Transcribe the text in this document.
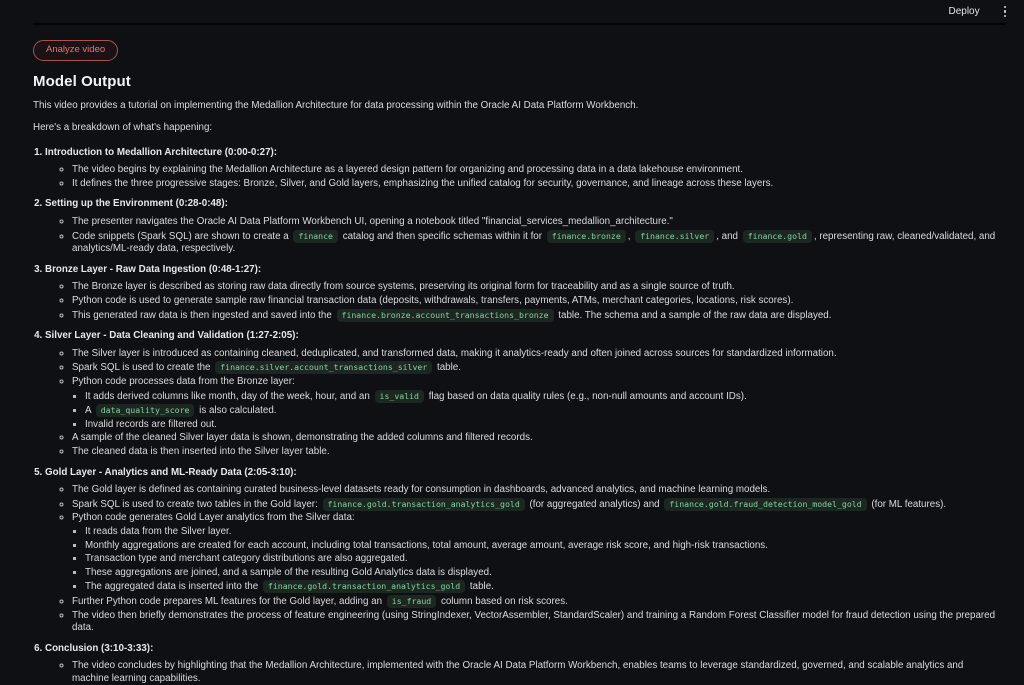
Deploy
Analyze video
Model Output

This video provides a tutorial on implementing the Medallion Architecture for data processing within the Oracle AI Data Platform Workbench.

Here's a breakdown of what's happening:

1. Introduction to Medallion Architecture (0:00-0:27):
◦ The video begins by explaining the Medallion Architecture as a layered design pattern for organizing and processing data in a data lakehouse environment.
◦ It defines the three progressive stages: Bronze, Silver, and Gold layers, emphasizing the unified catalog for security, governance, and lineage across these layers.
2. Setting up the Environment (0:28-0:48):
◦ The presenter navigates the Oracle AI Data Platform Workbench UI, opening a notebook titled "financial_services_medallion_architecture."
◦ Code snippets (Spark SQL) are shown to create a finance catalog and then specific schemas within it for finance.bronze , finance.silver , and finance.gold , representing raw, cleaned/validated, and analytics/ML-ready data, respectively.
3. Bronze Layer - Raw Data Ingestion (0:48-1:27):
◦ The Bronze layer is described as storing raw data directly from source systems, preserving its original form for traceability and as a single source of truth.
◦ Python code is used to generate sample raw financial transaction data (deposits, withdrawals, transfers, payments, ATMs, merchant categories, locations, risk scores).
◦ This generated raw data is then ingested and saved into the finance.bronze.account_transactions_bronze table. The schema and a sample of the raw data are displayed.
4. Silver Layer - Data Cleaning and Validation (1:27-2:05):
◦ The Silver layer is introduced as containing cleaned, deduplicated, and transformed data, making it analytics-ready and often joined across sources for standardized information.
◦ Spark SQL is used to create the finance.silver.account_transactions_silver table.
◦ Python code processes data from the Bronze layer:
▪ It adds derived columns like month, day of the week, hour, and an is_valid flag based on data quality rules (e.g., non-null amounts and account IDs).
▪ A data_quality_score is also calculated.
▪ Invalid records are filtered out.
◦ A sample of the cleaned Silver layer data is shown, demonstrating the added columns and filtered records.
◦ The cleaned data is then inserted into the Silver layer table.
5. Gold Layer - Analytics and ML-Ready Data (2:05-3:10):
◦ The Gold layer is defined as containing curated business-level datasets ready for consumption in dashboards, advanced analytics, and machine learning models.
◦ Spark SQL is used to create two tables in the Gold layer: finance.gold.transaction_analytics_gold (for aggregated analytics) and finance.gold.fraud_detection_model_gold (for ML features).
◦ Python code generates Gold Layer analytics from the Silver data:
▪ It reads data from the Silver layer.
▪ Monthly aggregations are created for each account, including total transactions, total amount, average amount, average risk score, and high-risk transactions.
▪ Transaction type and merchant category distributions are also aggregated.
▪ These aggregations are joined, and a sample of the resulting Gold Analytics data is displayed.
▪ The aggregated data is inserted into the finance.gold.transaction_analytics_gold table.
◦ Further Python code prepares ML features for the Gold layer, adding an is_fraud column based on risk scores.
◦ The video then briefly demonstrates the process of feature engineering (using StringIndexer, VectorAssembler, StandardScaler) and training a Random Forest Classifier model for fraud detection using the prepared data.
6. Conclusion (3:10-3:33):
◦ The video concludes by highlighting that the Medallion Architecture, implemented with the Oracle AI Data Platform Workbench, enables teams to leverage standardized, governed, and scalable analytics and machine learning capabilities.
